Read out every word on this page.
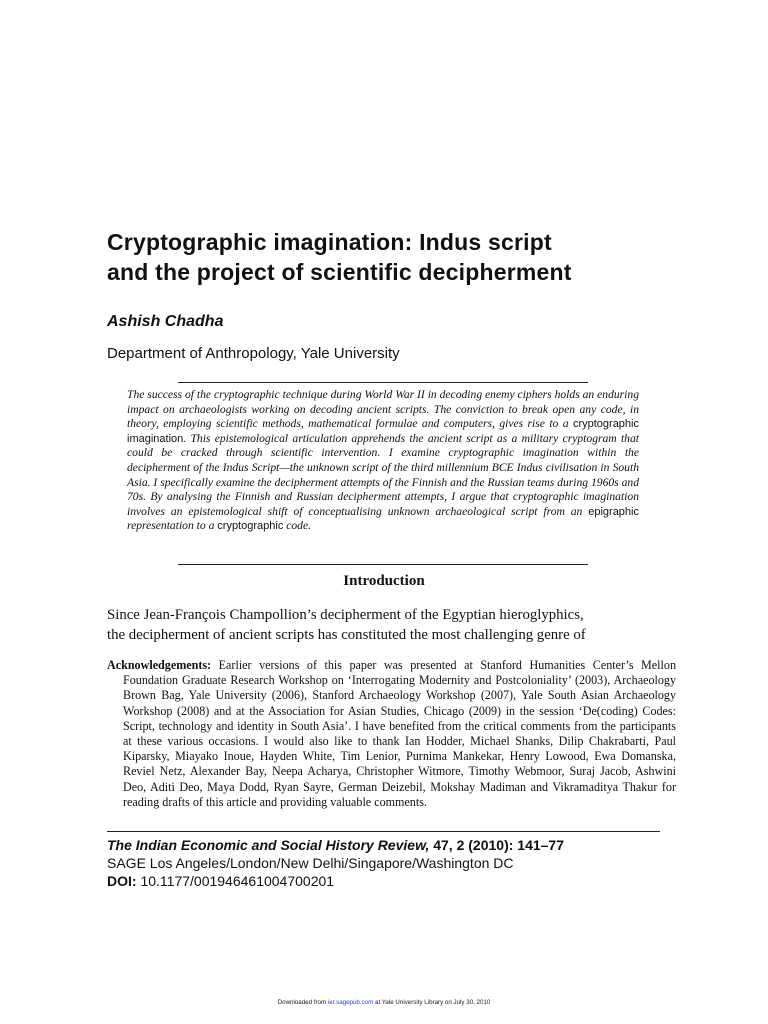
Cryptographic imagination: Indus script
and the project of scientific decipherment

Ashish Chadha

Department of Anthropology, Yale University

The success of the cryptographic technique during World War II in decoding enemy ciphers holds an enduring impact on archaeologists working on decoding ancient scripts. The conviction to break open any code, in theory, employing scientific methods, mathematical formulae and computers, gives rise to a cryptographic imagination. This epistemological articulation apprehends the ancient script as a military cryptogram that could be cracked through scientific intervention. I examine cryptographic imagination within the decipherment of the Indus Script—the unknown script of the third millennium BCE Indus civilisation in South Asia. I specifically examine the decipherment attempts of the Finnish and the Russian teams during 1960s and 70s. By analysing the Finnish and Russian decipherment attempts, I argue that cryptographic imagination involves an epistemological shift of conceptualising unknown archaeological script from an epigraphic representation to a cryptographic code.

Introduction

Since Jean-François Champollion’s decipherment of the Egyptian hieroglyphics,
the decipherment of ancient scripts has constituted the most challenging genre of

Acknowledgements: Earlier versions of this paper was presented at Stanford Humanities Center’s Mellon Foundation Graduate Research Workshop on ‘Interrogating Modernity and Postcoloniality’ (2003), Archaeology Brown Bag, Yale University (2006), Stanford Archaeology Workshop (2007), Yale South Asian Archaeology Workshop (2008) and at the Association for Asian Studies, Chicago (2009) in the session ‘De(coding) Codes: Script, technology and identity in South Asia’. I have benefited from the critical comments from the participants at these various occasions. I would also like to thank Ian Hodder, Michael Shanks, Dilip Chakrabarti, Paul Kiparsky, Miayako Inoue, Hayden White, Tim Lenior, Purnima Mankekar, Henry Lowood, Ewa Domanska, Reviel Netz, Alexander Bay, Neepa Acharya, Christopher Witmore, Timothy Webmoor, Suraj Jacob, Ashwini Deo, Aditi Deo, Maya Dodd, Ryan Sayre, German Deizebil, Mokshay Madiman and Vikramaditya Thakur for reading drafts of this article and providing valuable comments.

The Indian Economic and Social History Review, 47, 2 (2010): 141–77
SAGE Los Angeles/London/New Delhi/Singapore/Washington DC
DOI: 10.1177/001946461004700201

Downloaded from ier.sagepub.com at Yale University Library on July 30, 2010
